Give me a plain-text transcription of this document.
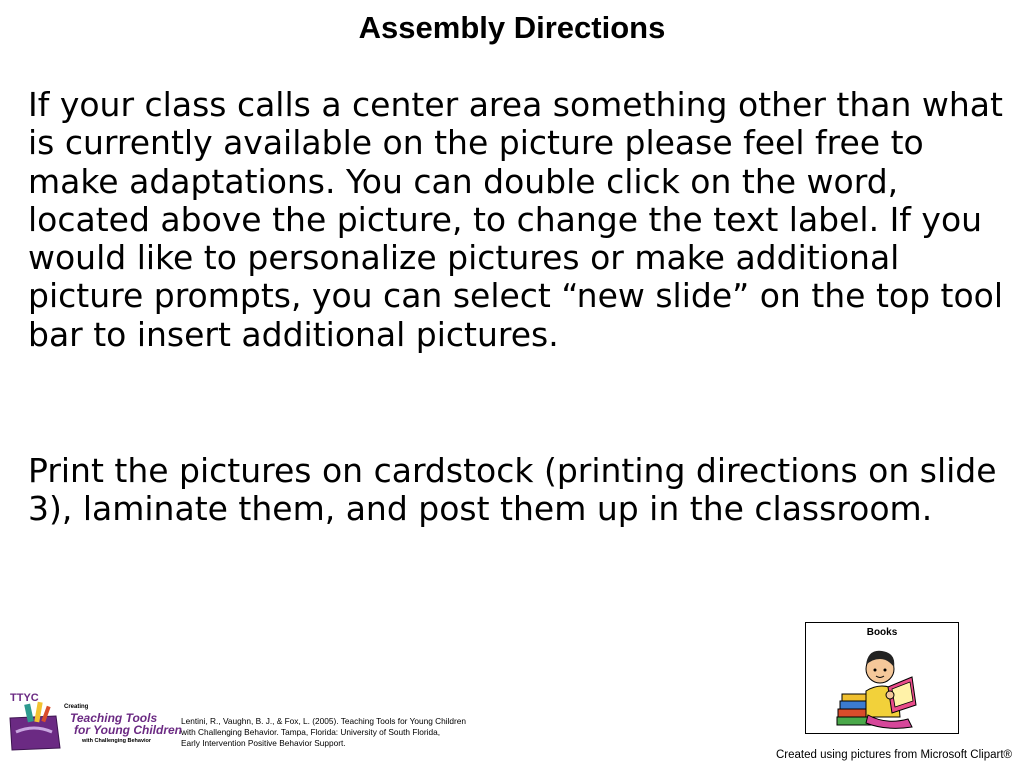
Assembly Directions

If your class calls a center area something other than what is currently available on the picture please feel free to make adaptations. You can double click on the word, located above the picture, to change the text label. If you would like to personalize pictures or make additional picture prompts, you can select “new slide” on the top tool bar to insert additional pictures.

Print the pictures on cardstock (printing directions on slide 3), laminate them, and post them up in the classroom.

Books
TTYC
Creating
Teaching Tools
for Young Children
with Challenging Behavior
Lentini, R., Vaughn, B. J., & Fox, L. (2005). Teaching Tools for Young Children
with Challenging Behavior. Tampa, Florida: University of South Florida,
Early Intervention Positive Behavior Support.
Created using pictures from Microsoft Clipart®
